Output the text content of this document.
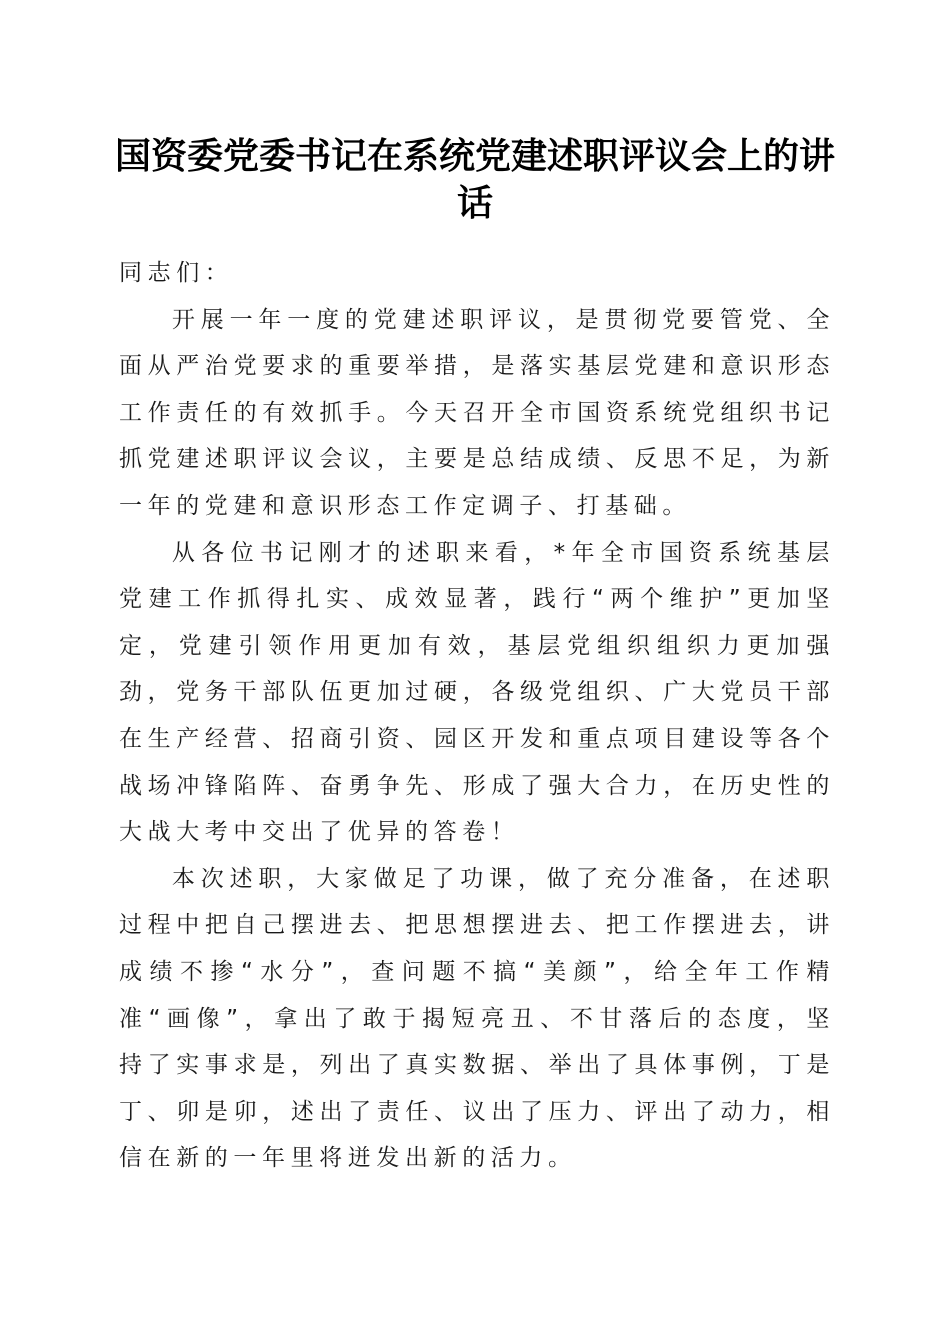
国资委党委书记在系统党建述职评议会上的讲话

同志们：

开展一年一度的党建述职评议，是贯彻党要管党、全面从严治党要求的重要举措，是落实基层党建和意识形态工作责任的有效抓手。今天召开全市国资系统党组织书记抓党建述职评议会议，主要是总结成绩、反思不足，为新一年的党建和意识形态工作定调子、打基础。

从各位书记刚才的述职来看，*年全市国资系统基层党建工作抓得扎实、成效显著，践行“两个维护”更加坚定，党建引领作用更加有效，基层党组织组织力更加强劲，党务干部队伍更加过硬，各级党组织、广大党员干部在生产经营、招商引资、园区开发和重点项目建设等各个战场冲锋陷阵、奋勇争先、形成了强大合力，在历史性的大战大考中交出了优异的答卷！

本次述职，大家做足了功课，做了充分准备，在述职过程中把自己摆进去、把思想摆进去、把工作摆进去，讲成绩不掺“水分”，查问题不搞“美颜”，给全年工作精准“画像”，拿出了敢于揭短亮丑、不甘落后的态度，坚持了实事求是，列出了真实数据、举出了具体事例，丁是丁、卯是卯，述出了责任、议出了压力、评出了动力，相信在新的一年里将迸发出新的活力。
